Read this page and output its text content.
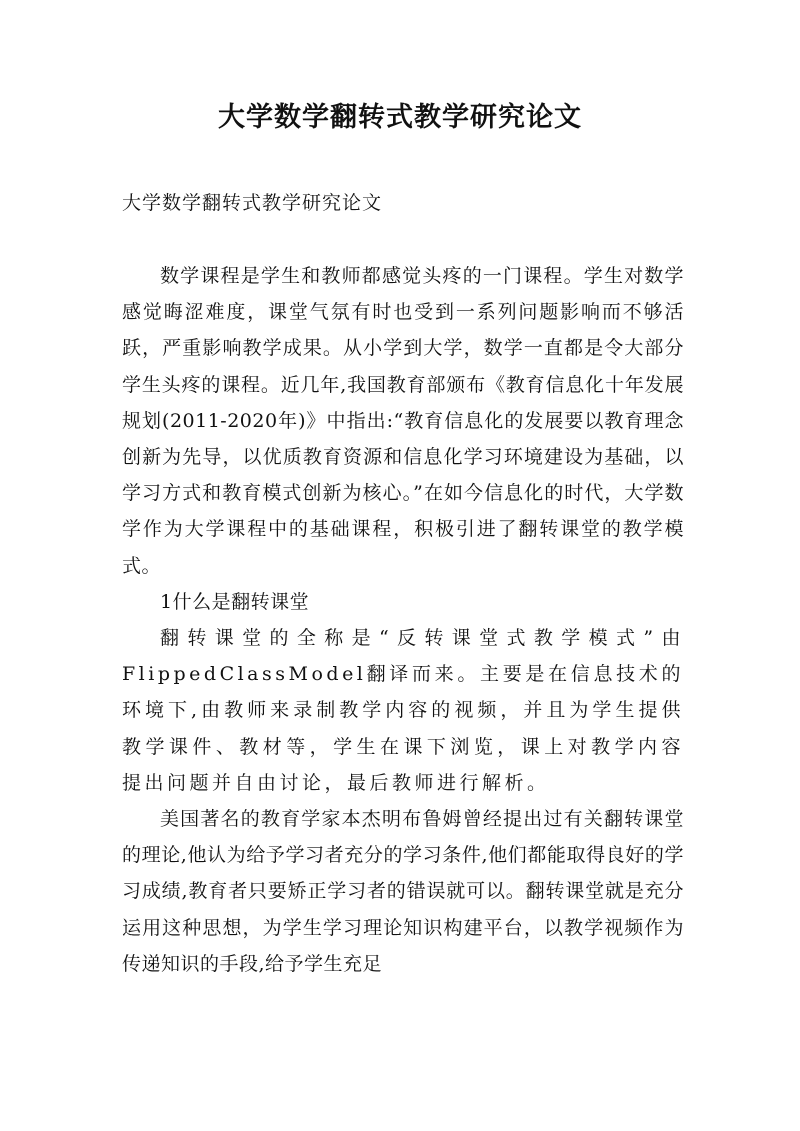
大学数学翻转式教学研究论文

大学数学翻转式教学研究论文

数学课程是学生和教师都感觉头疼的一门课程。学生对数学感觉晦涩难度，课堂气氛有时也受到一系列问题影响而不够活跃，严重影响教学成果。从小学到大学，数学一直都是令大部分学生头疼的课程。近几年,我国教育部颁布《教育信息化十年发展规划(2011-2020年)》中指出:“教育信息化的发展要以教育理念创新为先导，以优质教育资源和信息化学习环境建设为基础，以学习方式和教育模式创新为核心。”在如今信息化的时代，大学数学作为大学课程中的基础课程，积极引进了翻转课堂的教学模式。

1什么是翻转课堂

翻转课堂的全称是“反转课堂式教学模式”由FlippedClassModel翻译而来。主要是在信息技术的环境下,由教师来录制教学内容的视频，并且为学生提供教学课件、教材等，学生在课下浏览，课上对教学内容提出问题并自由讨论，最后教师进行解析。

美国著名的教育学家本杰明布鲁姆曾经提出过有关翻转课堂的理论,他认为给予学习者充分的学习条件,他们都能取得良好的学习成绩,教育者只要矫正学习者的错误就可以。翻转课堂就是充分运用这种思想，为学生学习理论知识构建平台，以教学视频作为传递知识的手段,给予学生充足
